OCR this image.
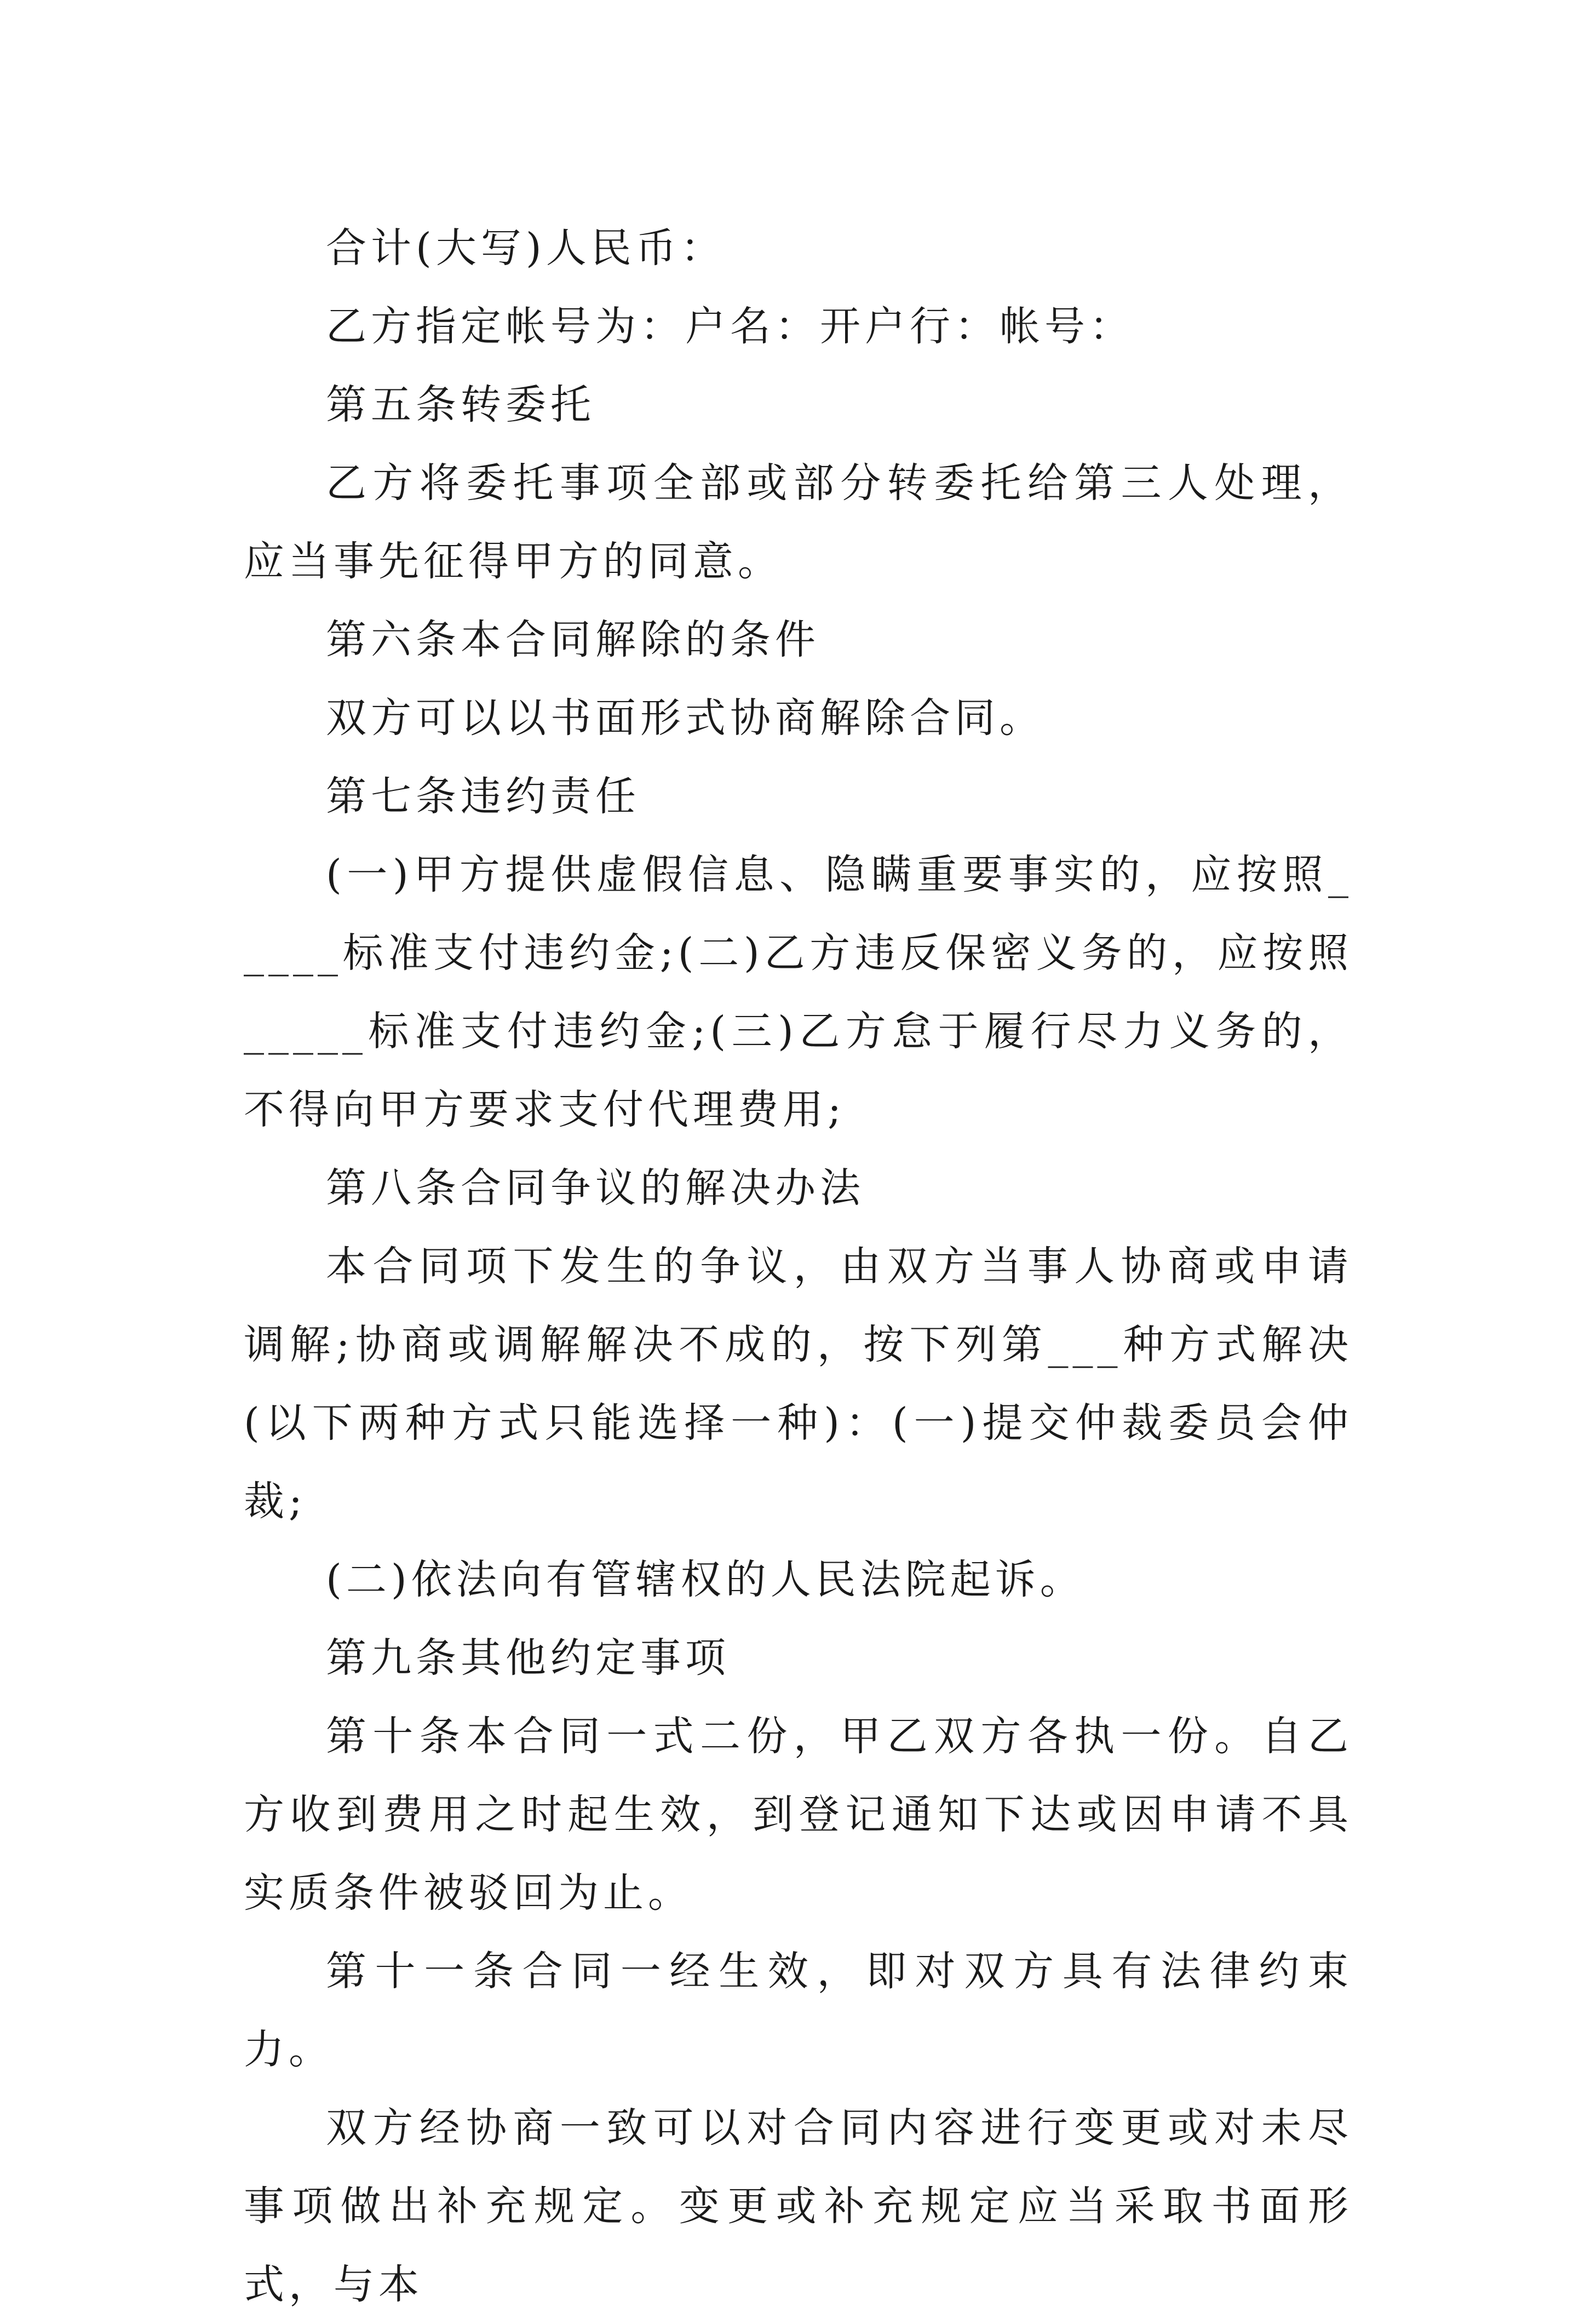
合计(大写)人民币：

乙方指定帐号为：户名：开户行：帐号：

第五条转委托

乙方将委托事项全部或部分转委托给第三人处理，应当事先征得甲方的同意。

第六条本合同解除的条件

双方可以以书面形式协商解除合同。

第七条违约责任

(一)甲方提供虚假信息、隐瞒重要事实的，应按照_____标准支付违约金;(二)乙方违反保密义务的，应按照_____标准支付违约金;(三)乙方怠于履行尽力义务的，不得向甲方要求支付代理费用;

第八条合同争议的解决办法

本合同项下发生的争议，由双方当事人协商或申请调解;协商或调解解决不成的，按下列第___种方式解决(以下两种方式只能选择一种)：(一)提交仲裁委员会仲裁;

(二)依法向有管辖权的人民法院起诉。

第九条其他约定事项

第十条本合同一式二份，甲乙双方各执一份。自乙方收到费用之时起生效，到登记通知下达或因申请不具实质条件被驳回为止。

第十一条合同一经生效，即对双方具有法律约束力。

双方经协商一致可以对合同内容进行变更或对未尽事项做出补充规定。变更或补充规定应当采取书面形式，与本
